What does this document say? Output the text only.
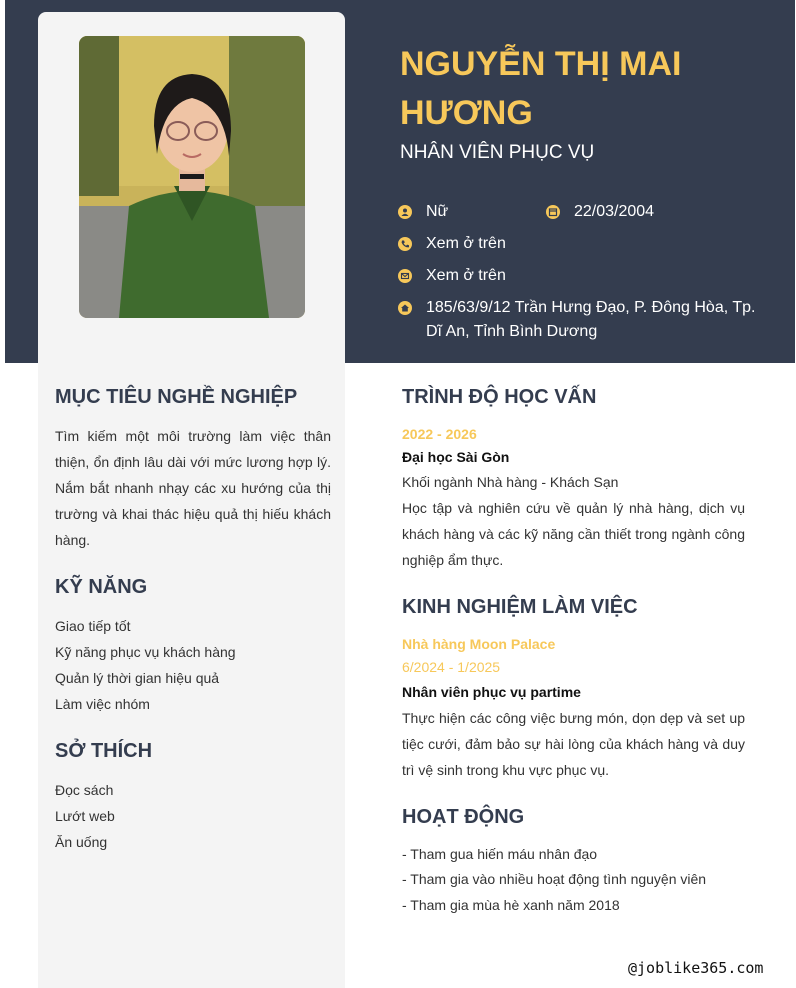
NGUYỄN THỊ MAI HƯƠNG

NHÂN VIÊN PHỤC VỤ

Nữ	22/03/2004
Xem ở trên
Xem ở trên
185/63/9/12 Trần Hưng Đạo, P. Đông Hòa, Tp. Dĩ An, Tỉnh Bình Dương
MỤC TIÊU NGHỀ NGHIỆP

Tìm kiếm một môi trường làm việc thân thiện, ổn định lâu dài với mức lương hợp lý. Nắm bắt nhanh nhạy các xu hướng của thị trường và khai thác hiệu quả thị hiếu khách hàng.

KỸ NĂNG

Giao tiếp tốt

Kỹ năng phục vụ khách hàng

Quản lý thời gian hiệu quả

Làm việc nhóm

SỞ THÍCH

Đọc sách

Lướt web

Ăn uống

TRÌNH ĐỘ HỌC VẤN

2022 - 2026

Đại học Sài Gòn

Khối ngành Nhà hàng - Khách Sạn

Học tập và nghiên cứu về quản lý nhà hàng, dịch vụ khách hàng và các kỹ năng cần thiết trong ngành công nghiệp ẩm thực.

KINH NGHIỆM LÀM VIỆC

Nhà hàng Moon Palace

6/2024 - 1/2025

Nhân viên phục vụ partime

Thực hiện các công việc bưng món, dọn dẹp và set up tiệc cưới, đảm bảo sự hài lòng của khách hàng và duy trì vệ sinh trong khu vực phục vụ.

HOẠT ĐỘNG

- Tham gua hiến máu nhân đạo

- Tham gia vào nhiều hoạt động tình nguyện viên

- Tham gia mùa hè xanh năm 2018

@joblike365.com
